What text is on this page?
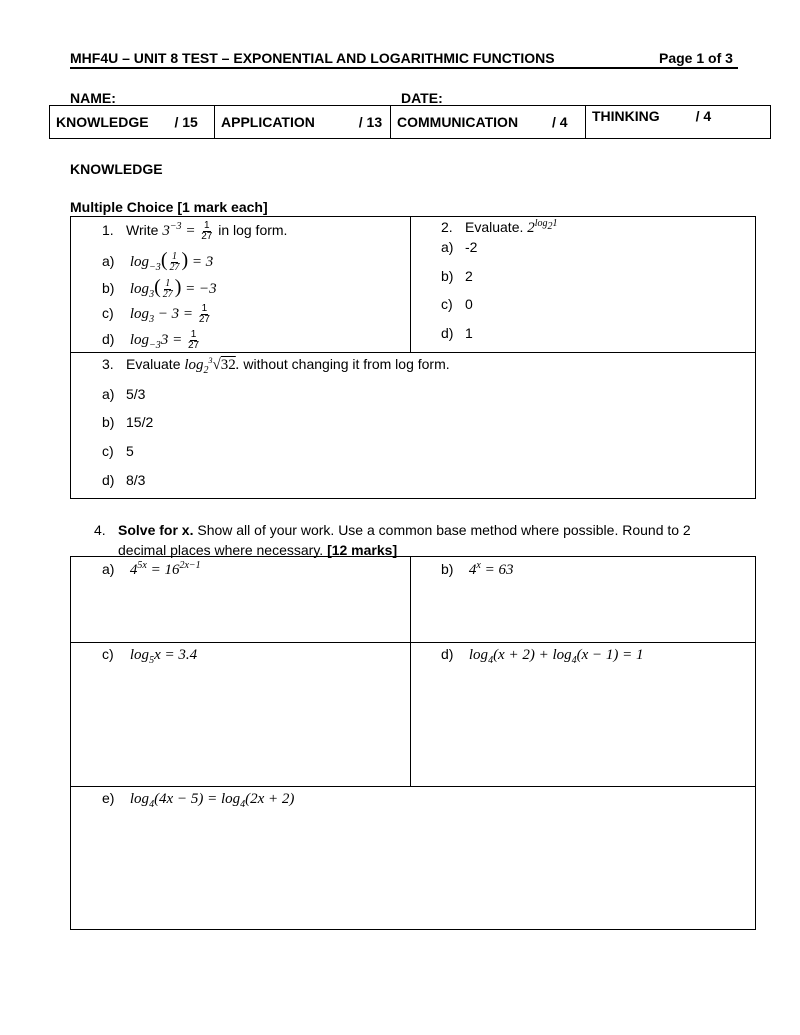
MHF4U – UNIT 8 TEST – EXPONENTIAL AND LOGARITHMIC FUNCTIONS	Page 1 of 3
NAME:	DATE:
KNOWLEDGE / 15	APPLICATION	/ 13	COMMUNICATION / 4	THINKING	/ 4
KNOWLEDGE
Multiple Choice [1 mark each]
1. Write $3^{-3} = \frac{1}{27}$ in log form.
a) $\log_{-3}( \frac{1}{27}$ ) = 3
b) $\log_3( \frac{1}{27}$ ) = −3
c) $\log_3 - 3 = \frac{1}{27}$
d) $\log_{-3}3 = \frac{1}{27}$
2. Evaluate. $2^{log_21}$
a) -2
b) 2
c) 0
d) 1
3. Evaluate $\log_2^3√32$. without changing it from log form.
a) 5/3
b) 15/2
c) 5
d) 8/3
4. Solve for x. Show all of your work. Use a common base method where possible. Round to 2
decimal places where necessary. [12 marks]
a) $4^{5x} = 16^{2x-1}$	b) $4^x = 63$
c) $\log_5x = 3.4$	d) $\log_4(x + 2) + \log_4(x - 1) = 1$
e) $\log_4(4x - 5) = \log_4(2x + 2)$
